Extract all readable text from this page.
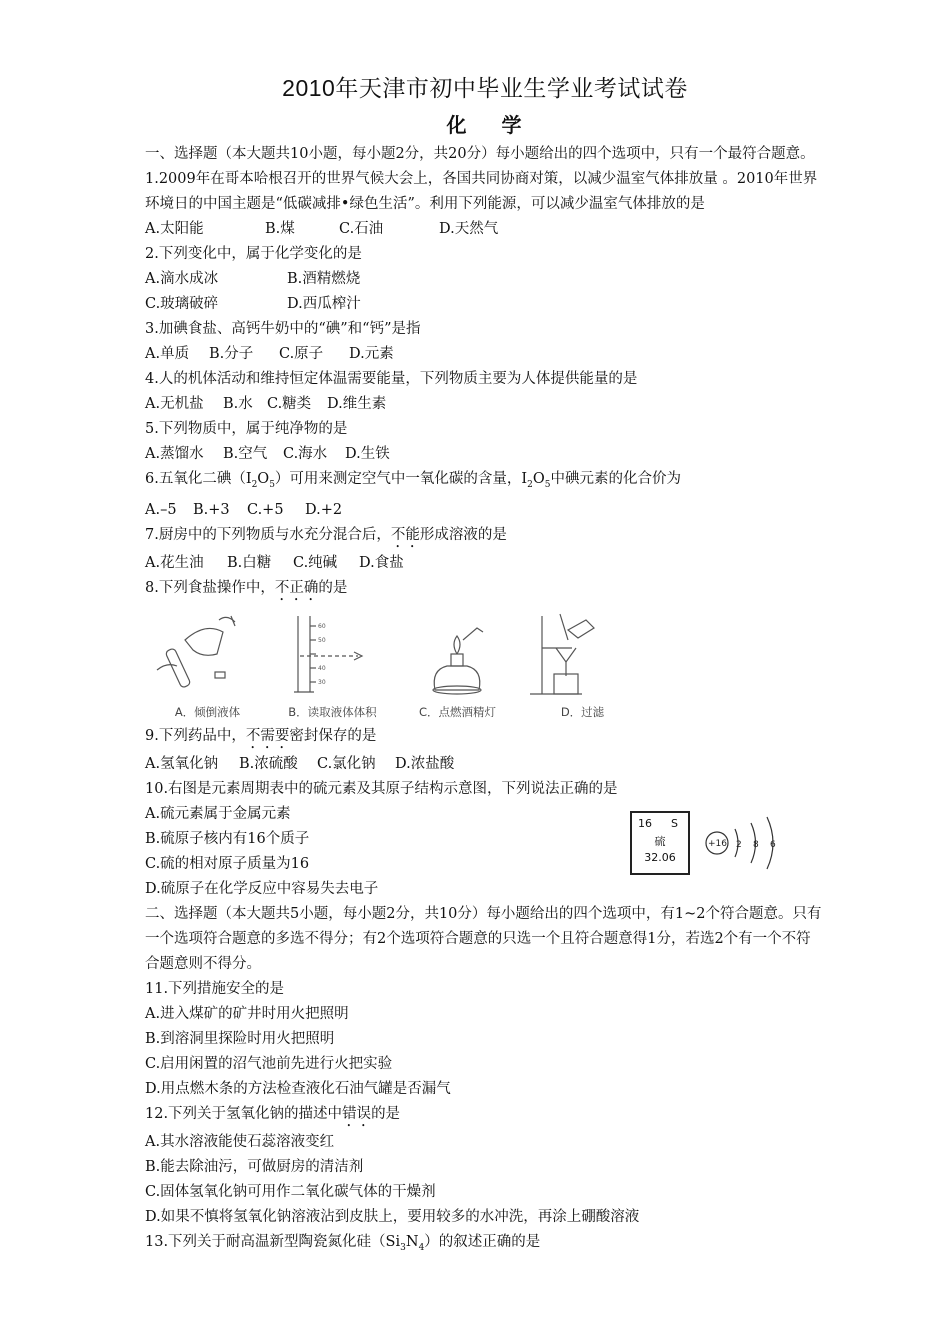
2010年天津市初中毕业生学业考试试卷
化 学
一、选择题（本大题共10小题，每小题2分，共20分）每小题给出的四个选项中，只有一个最符合题意。
1.2009年在哥本哈根召开的世界气候大会上，各国共同协商对策，以减少温室气体排放量 。2010年世界环境日的中国主题是“低碳减排•绿色生活”。利用下列能源，可以减少温室气体排放的是
A.太阳能	B.煤	C.石油	D.天然气
2.下列变化中，属于化学变化的是
A.滴水成冰	B.酒精燃烧
C.玻璃破碎	D.西瓜榨汁
3.加碘食盐、高钙牛奶中的“碘”和“钙”是指
A.单质 B.分子 C.原子 D.元素
4.人的机体活动和维持恒定体温需要能量，下列物质主要为人体提供能量的是
A.无机盐 B.水 C.糖类 D.维生素
5.下列物质中，属于纯净物的是
A.蒸馏水 B.空气 C.海水 D.生铁
6.五氧化二碘$(I_2O_5)$可用来测定空气中一氧化碳的含量，$I_2O_5$中碘元素的化合价为
A.–5 B.+3 C.+5 D.+2
7.厨房中的下列物质与水充分混合后，不能形成溶液的是
A.花生油 B.白糖 C.纯碱 D.食盐
8.下列食盐操作中，不正确的是
A．倾倒液体
60
50
40
30
B．读取液体体积	C．点燃酒精灯	D．过滤
9.下列药品中，不需要密封保存的是
A.氢氧化钠 B.浓硫酸 C.氯化钠 D.浓盐酸
10.右图是元素周期表中的硫元素及其原子结构示意图，下列说法正确的是
A.硫元素属于金属元素
B.硫原子核内有16个质子
C.硫的相对原子质量为16
D.硫原子在化学反应中容易失去电子
16 S
硫
32.06
+16 2 8 6
二、选择题（本大题共5小题，每小题2分，共10分）每小题给出的四个选项中，有1~2个符合题意。只有一个选项符合题意的多选不得分；有2个选项符合题意的只选一个且符合题意得1分，若选2个有一个不符合题意则不得分。
11.下列措施安全的是
A.进入煤矿的矿井时用火把照明
B.到溶洞里探险时用火把照明
C.启用闲置的沼气池前先进行火把实验
D.用点燃木条的方法检查液化石油气罐是否漏气
12.下列关于氢氧化钠的描述中错误的是
A.其水溶液能使石蕊溶液变红
B.能去除油污，可做厨房的清洁剂
C.固体氢氧化钠可用作二氧化碳气体的干燥剂
D.如果不慎将氢氧化钠溶液沾到皮肤上，要用较多的水冲洗，再涂上硼酸溶液
13.下列关于耐高温新型陶瓷氮化硅$(Si_3N_4)$的叙述正确的是
